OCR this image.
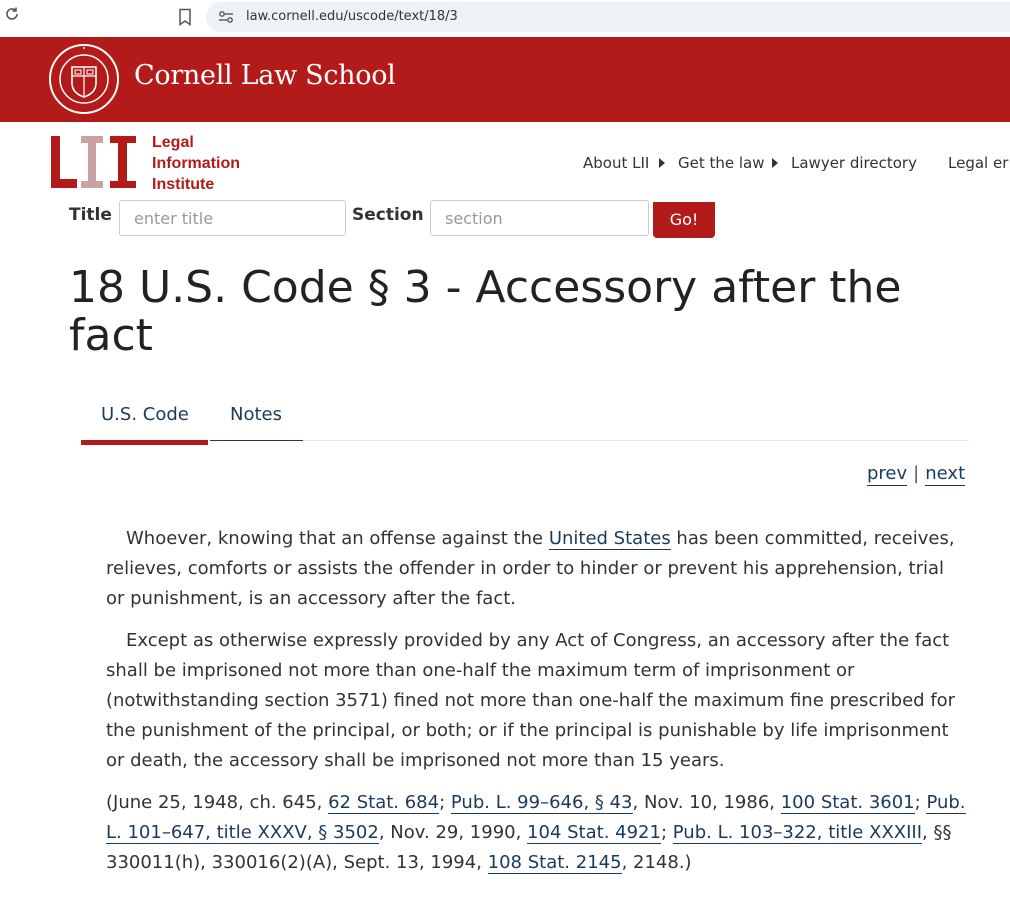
law.cornell.edu/uscode/text/18/3
Cornell Law School
Legal
Information
Institute
About LII Get the law Lawyer directory Legal er
Title
enter title	Section
section	Go!
18 U.S. Code § 3 - Accessory after the fact
U.S. Code Notes
prev | next

Whoever, knowing that an offense against the United States has been committed, receives, relieves, comforts or assists the offender in order to hinder or prevent his apprehension, trial or punishment, is an accessory after the fact.

Except as otherwise expressly provided by any Act of Congress, an accessory after the fact shall be imprisoned not more than one-half the maximum term of imprisonment or (notwithstanding section 3571) fined not more than one-half the maximum fine prescribed for the punishment of the principal, or both; or if the principal is punishable by life imprisonment or death, the accessory shall be imprisoned not more than 15 years.

(June 25, 1948, ch. 645, 62 Stat. 684; Pub. L. 99–646, § 43, Nov. 10, 1986, 100 Stat. 3601; Pub. L. 101–647, title XXXV, § 3502, Nov. 29, 1990, 104 Stat. 4921; Pub. L. 103–322, title XXXIII, §§ 330011(h), 330016(2)(A), Sept. 13, 1994, 108 Stat. 2145, 2148.)
